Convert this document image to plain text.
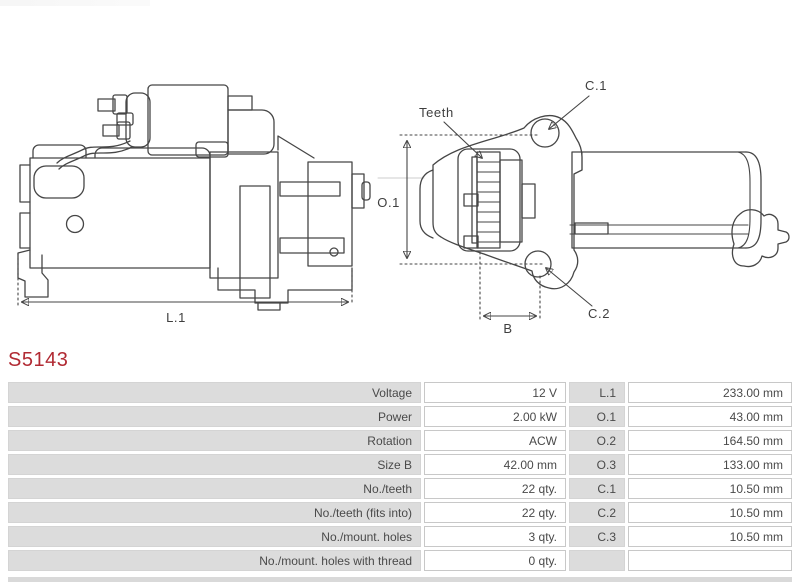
L.1
O.1
B
Teeth
C.1
C.2
S5143
Voltage	12 V	L.1	233.00 mm
Power	2.00 kW	O.1	43.00 mm
Rotation	ACW	O.2	164.50 mm
Size B	42.00 mm	O.3	133.00 mm
No./teeth	22 qty.	C.1	10.50 mm
No./teeth (fits into)	22 qty.	C.2	10.50 mm
No./mount. holes	3 qty.	C.3	10.50 mm
No./mount. holes with thread	0 qty.
